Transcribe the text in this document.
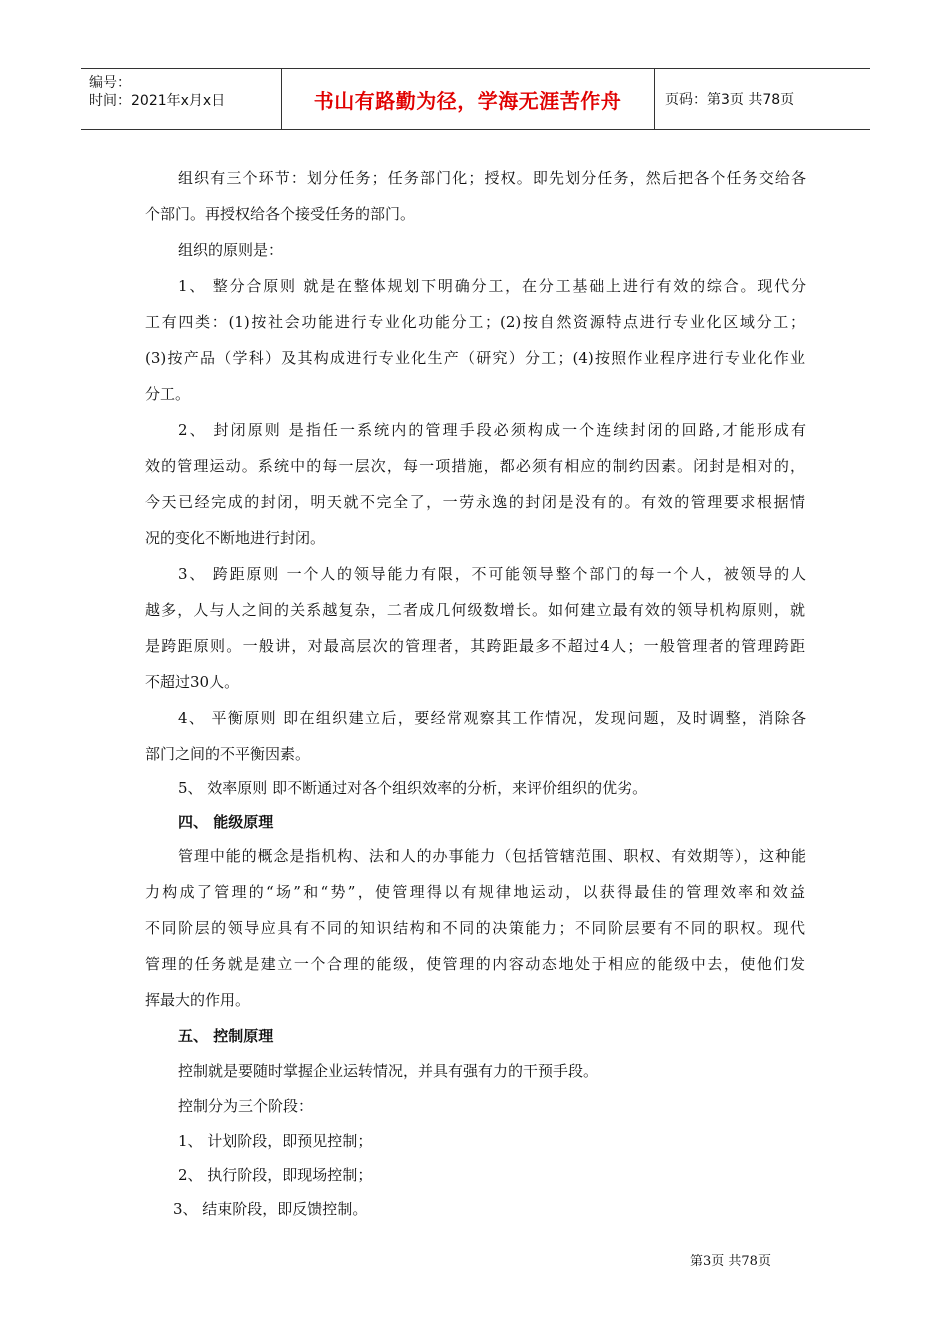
编号：
时间：2021年x月x日	书山有路勤为径，学海无涯苦作舟	页码：第3页 共78页
组织有三个环节：划分任务；任务部门化；授权。即先划分任务，然后把各个任务交给各
个部门。再授权给各个接受任务的部门。
组织的原则是：
1、 整分合原则 就是在整体规划下明确分工，在分工基础上进行有效的综合。现代分
工有四类：(1)按社会功能进行专业化功能分工；(2)按自然资源特点进行专业化区域分工；
(3)按产品（学科）及其构成进行专业化生产（研究）分工；(4)按照作业程序进行专业化作业
分工。
2、 封闭原则 是指任一系统内的管理手段必须构成一个连续封闭的回路,才能形成有
效的管理运动。系统中的每一层次，每一项措施，都必须有相应的制约因素。闭封是相对的，
今天已经完成的封闭，明天就不完全了，一劳永逸的封闭是没有的。有效的管理要求根据情
况的变化不断地进行封闭。
3、 跨距原则 一个人的领导能力有限，不可能领导整个部门的每一个人，被领导的人
越多，人与人之间的关系越复杂，二者成几何级数增长。如何建立最有效的领导机构原则，就
是跨距原则。一般讲，对最高层次的管理者，其跨距最多不超过4人；一般管理者的管理跨距
不超过30人。
4、 平衡原则 即在组织建立后，要经常观察其工作情况，发现问题，及时调整，消除各
部门之间的不平衡因素。
5、 效率原则 即不断通过对各个组织效率的分析，来评价组织的优劣。
四、 能级原理
管理中能的概念是指机构、法和人的办事能力（包括管辖范围、职权、有效期等），这种能
力构成了管理的“场”和“势”，使管理得以有规律地运动，以获得最佳的管理效率和效益
不同阶层的领导应具有不同的知识结构和不同的决策能力；不同阶层要有不同的职权。现代
管理的任务就是建立一个合理的能级，使管理的内容动态地处于相应的能级中去，使他们发
挥最大的作用。
五、 控制原理
控制就是要随时掌握企业运转情况，并具有强有力的干预手段。
控制分为三个阶段：
1、 计划阶段，即预见控制；
2、 执行阶段，即现场控制；
3、 结束阶段，即反馈控制。
第3页 共78页
